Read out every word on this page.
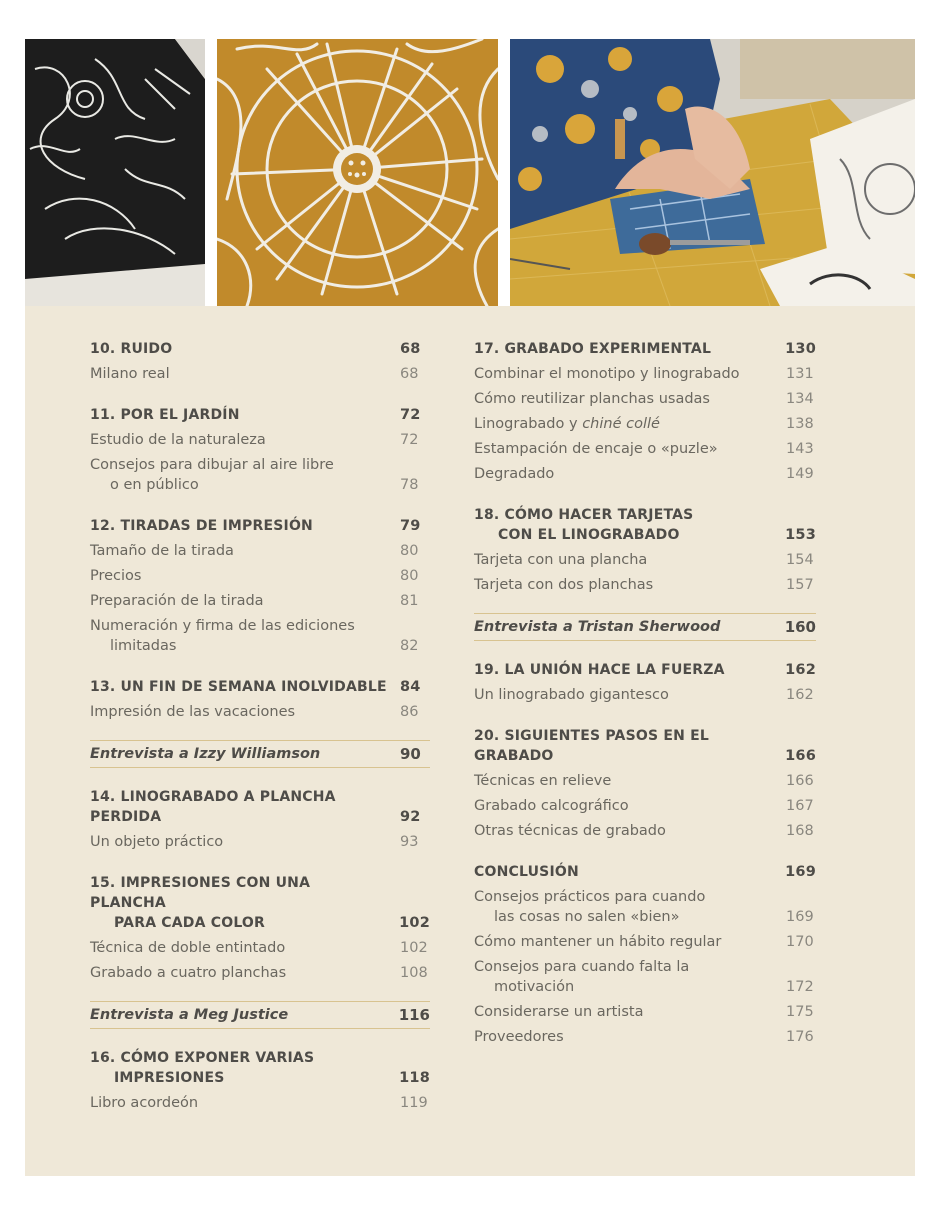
10. RUIDO	68
Milano real	68
11. POR EL JARDÍN	72
Estudio de la naturaleza	72
Consejos para dibujar al aire libre
o en público	78
12. TIRADAS DE IMPRESIÓN	79
Tamaño de la tirada	80
Precios	80
Preparación de la tirada	81
Numeración y firma de las ediciones
limitadas	82
13. UN FIN DE SEMANA INOLVIDABLE 84
Impresión de las vacaciones	86
Entrevista a Izzy Williamson	90
14. LINOGRABADO A PLANCHA PERDIDA	92
Un objeto práctico	93
15. IMPRESIONES CON UNA PLANCHA
PARA CADA COLOR	102
Técnica de doble entintado	102
Grabado a cuatro planchas	108
Entrevista a Meg Justice	116
16. CÓMO EXPONER VARIAS
IMPRESIONES	118
Libro acordeón	119
17. GRABADO EXPERIMENTAL	130
Combinar el monotipo y linograbado	131
Cómo reutilizar planchas usadas	134
Linograbado y chiné collé	138
Estampación de encaje o «puzle»	143
Degradado	149
18. CÓMO HACER TARJETAS
CON EL LINOGRABADO	153
Tarjeta con una plancha	154
Tarjeta con dos planchas	157
Entrevista a Tristan Sherwood	160
19. LA UNIÓN HACE LA FUERZA	162
Un linograbado gigantesco	162
20. SIGUIENTES PASOS EN EL GRABADO	166
Técnicas en relieve	166
Grabado calcográfico	167
Otras técnicas de grabado	168
CONCLUSIÓN	169
Consejos prácticos para cuando
las cosas no salen «bien»	169
Cómo mantener un hábito regular	170
Consejos para cuando falta la
motivación	172
Considerarse un artista	175
Proveedores	176
